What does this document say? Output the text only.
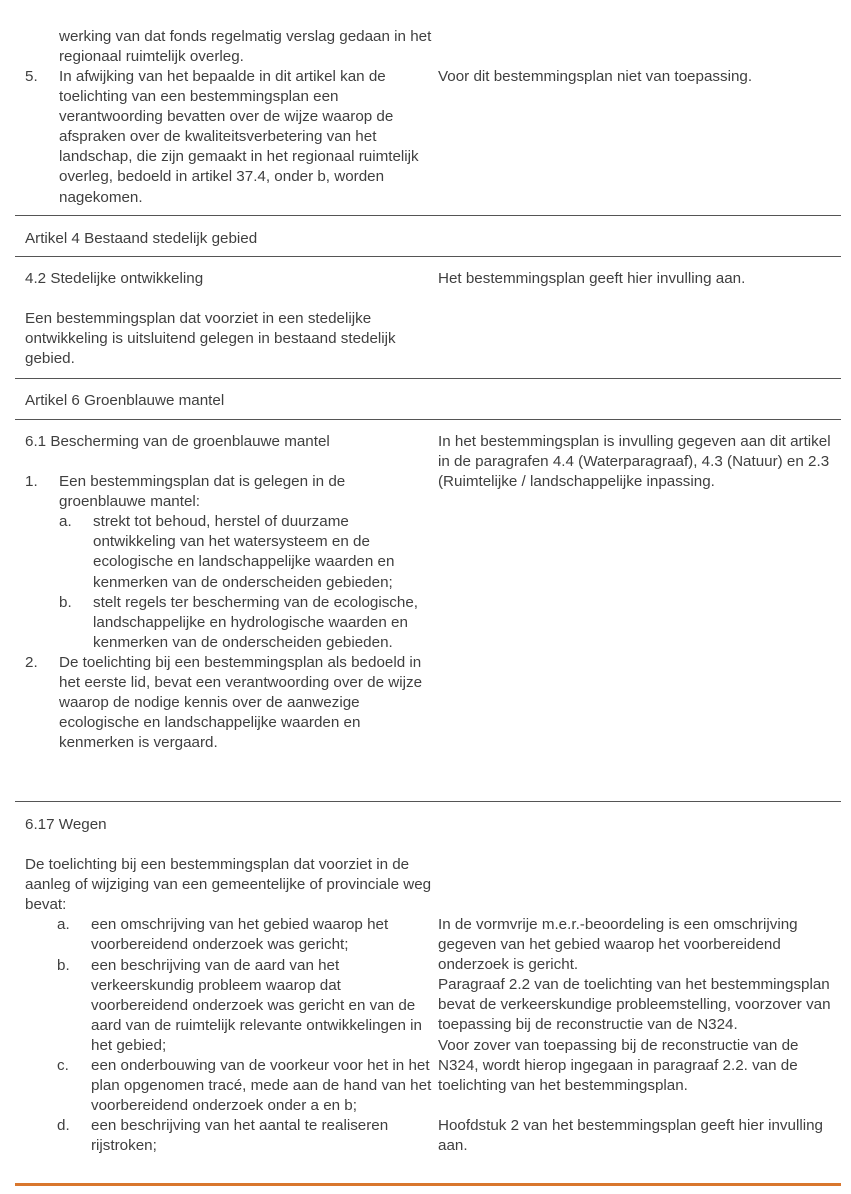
werking van dat fonds regelmatig verslag gedaan in het regionaal ruimtelijk overleg.

5. In afwijking van het bepaalde in dit artikel kan de toelichting van een bestemmingsplan een verantwoording bevatten over de wijze waarop de afspraken over de kwaliteitsverbetering van het landschap, die zijn gemaakt in het regionaal ruimtelijk overleg, bedoeld in artikel 37.4, onder b, worden nagekomen.
Voor dit bestemmingsplan niet van toepassing.
Artikel 4 Bestaand stedelijk gebied

4.2 Stedelijke ontwikkeling

Een bestemmingsplan dat voorziet in een stedelijke ontwikkeling is uitsluitend gelegen in bestaand stedelijk gebied.

Het bestemmingsplan geeft hier invulling aan.
Artikel 6 Groenblauwe mantel

6.1 Bescherming van de groenblauwe mantel

1. Een bestemmingsplan dat is gelegen in de groenblauwe mantel:
a. strekt tot behoud, herstel of duurzame ontwikkeling van het watersysteem en de ecologische en landschappelijke waarden en kenmerken van de onderscheiden gebieden;
b. stelt regels ter bescherming van de ecologische, landschappelijke en hydrologische waarden en kenmerken van de onderscheiden gebieden.
2. De toelichting bij een bestemmingsplan als bedoeld in het eerste lid, bevat een verantwoording over de wijze waarop de nodige kennis over de aanwezige ecologische en landschappelijke waarden en kenmerken is vergaard.
In het bestemmingsplan is invulling gegeven aan dit artikel in de paragrafen 4.4 (Waterparagraaf), 4.3 (Natuur) en 2.3 (Ruimtelijke / landschappelijke inpassing.

6.17 Wegen

De toelichting bij een bestemmingsplan dat voorziet in de aanleg of wijziging van een gemeentelijke of provinciale weg bevat:

a. een omschrijving van het gebied waarop het voorbereidend onderzoek was gericht;
b. een beschrijving van de aard van het verkeerskundig probleem waarop dat voorbereidend onderzoek was gericht en van de aard van de ruimtelijk relevante ontwikkelingen in het gebied;
c. een onderbouwing van de voorkeur voor het in het plan opgenomen tracé, mede aan de hand van het voorbereidend onderzoek onder a en b;
d. een beschrijving van het aantal te realiseren rijstroken;

In de vormvrije m.e.r.-beoordeling is een omschrijving gegeven van het gebied waarop het voorbereidend onderzoek is gericht.

Paragraaf 2.2 van de toelichting van het bestemmingsplan bevat de verkeerskundige probleemstelling, voorzover van toepassing bij de reconstructie van de N324.

Voor zover van toepassing bij de reconstructie van de N324, wordt hierop ingegaan in paragraaf 2.2. van de toelichting van het bestemmingsplan.

Hoofdstuk 2 van het bestemmingsplan geeft hier invulling aan.
